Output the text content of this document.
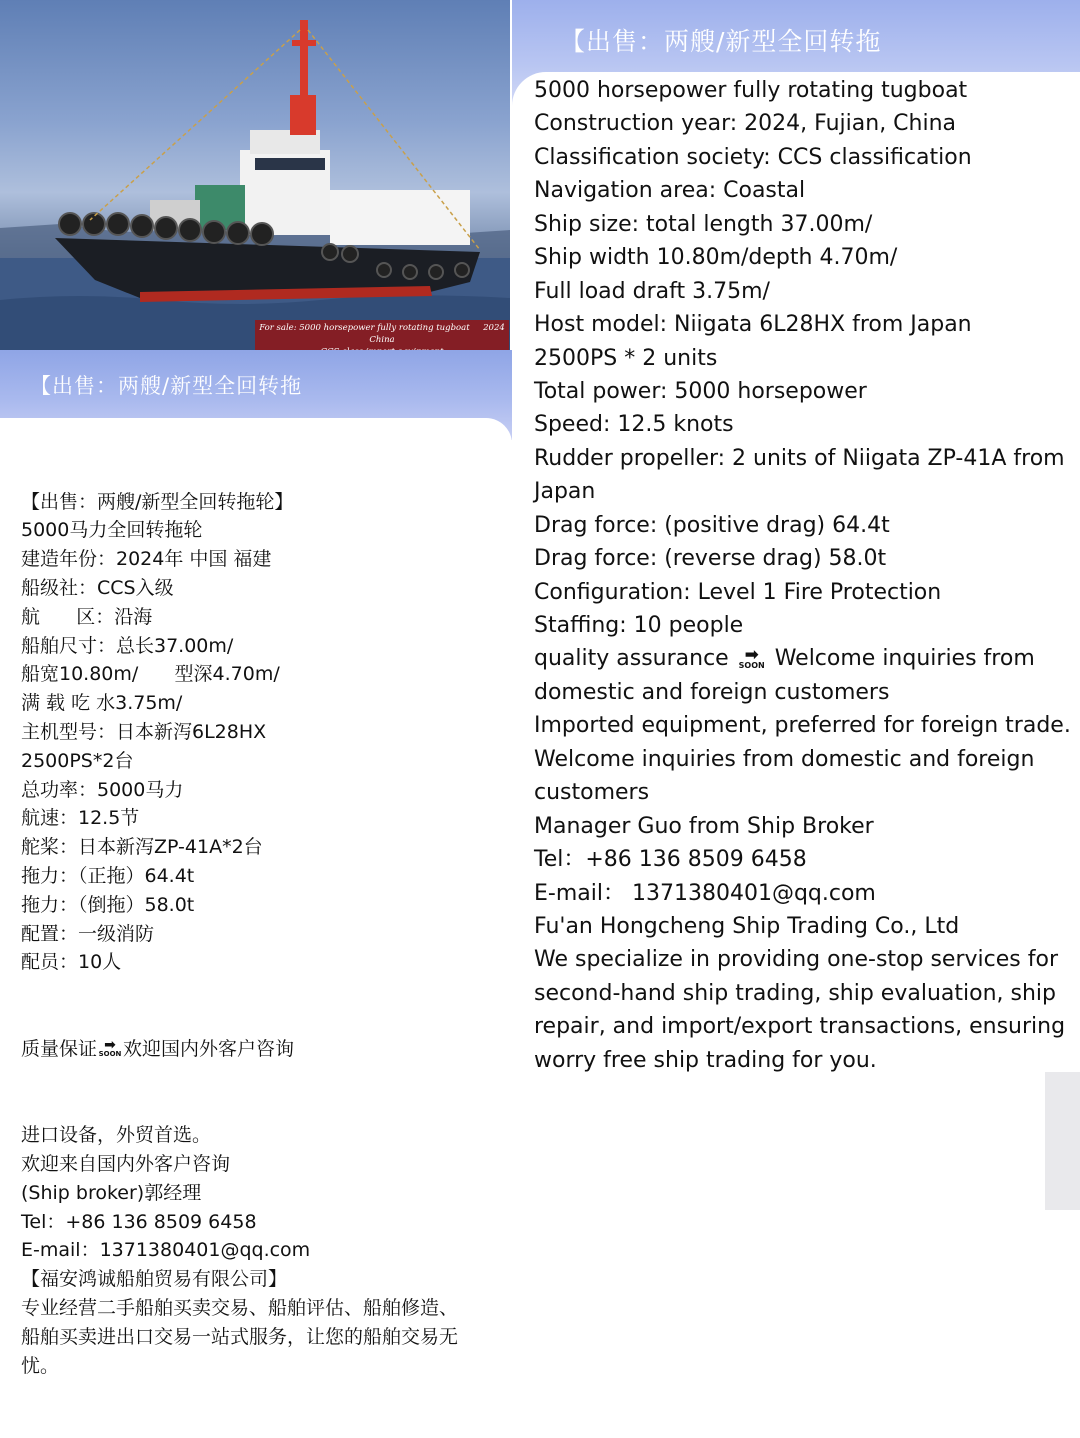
For sale: 5000 horsepower fully rotating tugboat 2024 China
【出售：两艘/新型全回转拖

【出售：两艘/新型全回转拖轮】
5000马力全回转拖轮
建造年份：2024年 中国 福建
船级社：CCS入级
航      区：沿海
船舶尺寸：总长37.00m/
船宽10.80m/      型深4.70m/
满 载 吃 水3.75m/
主机型号：日本新泻6L28HX
2500PS*2台
总功率：5000马力
航速：12.5节
舵桨：日本新泻ZP-41A*2台
拖力：（正拖）64.4t
拖力：（倒拖）58.0t
配置：一级消防
配员：10人

质量保证 ➡
SOON欢迎国内外客户咨询

进口设备，外贸首选。
欢迎来自国内外客户咨询
(Ship broker)郭经理
Tel：+86 136 8509 6458
E-mail：1371380401@qq.com
【福安鸿诚船舶贸易有限公司】
专业经营二手船舶买卖交易、船舶评估、船舶修造、
船舶买卖进出口交易一站式服务，让您的船舶交易无
忧。

【出售：两艘/新型全回转拖
5000 horsepower fully rotating tugboat
Construction year: 2024, Fujian, China
Classification society: CCS classification
Navigation area: Coastal
Ship size: total length 37.00m/
Ship width 10.80m/depth 4.70m/
Full load draft 3.75m/
Host model: Niigata 6L28HX from Japan
2500PS * 2 units
Total power: 5000 horsepower
Speed: 12.5 knots
Rudder propeller: 2 units of Niigata ZP-41A from
Japan
Drag force: (positive drag) 64.4t
Drag force: (reverse drag) 58.0t
Configuration: Level 1 Fire Protection
Staffing: 10 people
quality assurance ➡
SOON Welcome inquiries from
domestic and foreign customers
Imported equipment, preferred for foreign trade.
Welcome inquiries from domestic and foreign
customers
Manager Guo from Ship Broker
Tel：+86 136 8509 6458
E-mail： 1371380401@qq.com
Fu'an Hongcheng Ship Trading Co., Ltd
We specialize in providing one-stop services for
second-hand ship trading, ship evaluation, ship
repair, and import/export transactions, ensuring
worry free ship trading for you.
